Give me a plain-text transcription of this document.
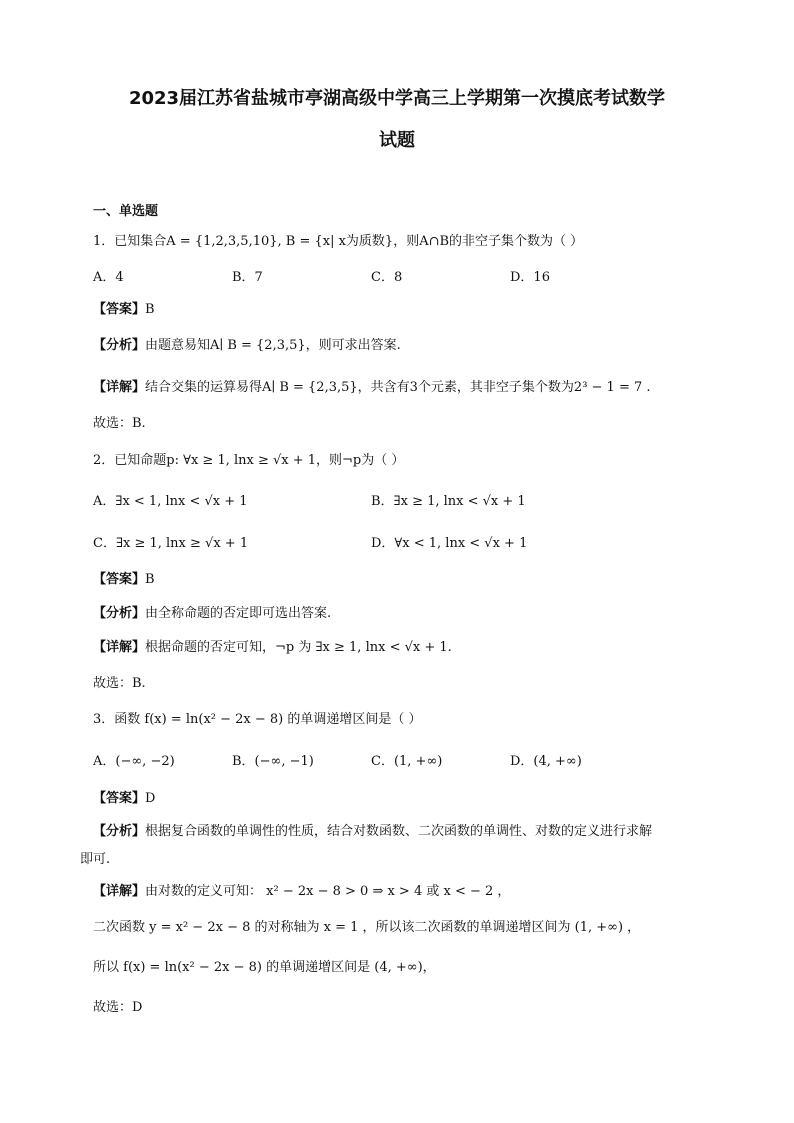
2023届江苏省盐城市亭湖高级中学高三上学期第一次摸底考试数学
试题
一、单选题
1．已知集合A = {1,2,3,5,10}, B = {x| x为质数}，则A∩B的非空子集个数为（ ）
A．4	B．7	C．8	D．16
【答案】B
【分析】由题意易知A∣ B = {2,3,5}，则可求出答案.
【详解】结合交集的运算易得A∣ B = {2,3,5}，共含有3个元素，其非空子集个数为2³ − 1 = 7 .
故选：B.
2．已知命题p: ∀x ≥ 1, lnx ≥ √x + 1，则¬p为（ ）
A．∃x < 1, lnx < √x + 1	B．∃x ≥ 1, lnx < √x + 1
C．∃x ≥ 1, lnx ≥ √x + 1	D．∀x < 1, lnx < √x + 1
【答案】B
【分析】由全称命题的否定即可选出答案.
【详解】根据命题的否定可知，¬p 为 ∃x ≥ 1, lnx < √x + 1.
故选：B.
3．函数 f(x) = ln(x² − 2x − 8) 的单调递增区间是（ ）
A．(−∞, −2)	B．(−∞, −1)	C．(1, +∞)	D．(4, +∞)
【答案】D
【分析】根据复合函数的单调性的性质，结合对数函数、二次函数的单调性、对数的定义进行求解
即可.
【详解】由对数的定义可知： x² − 2x − 8 > 0 ⇒ x > 4 或 x < − 2 ，
二次函数 y = x² − 2x − 8 的对称轴为 x = 1 ，所以该二次函数的单调递增区间为 (1, +∞) ，
所以 f(x) = ln(x² − 2x − 8) 的单调递增区间是 (4, +∞)，
故选：D
